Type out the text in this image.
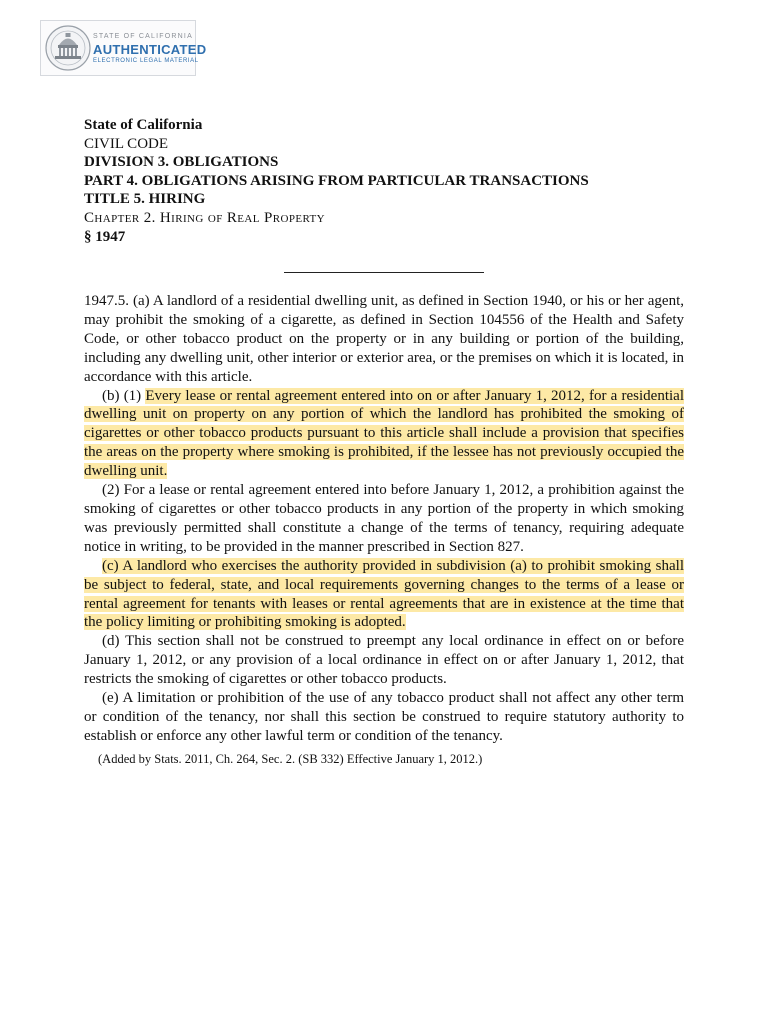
STATE OF CALIFORNIA
AUTHENTICATED
ELECTRONIC LEGAL MATERIAL
State of California
CIVIL CODE
DIVISION 3. OBLIGATIONS
PART 4. OBLIGATIONS ARISING FROM PARTICULAR TRANSACTIONS
TITLE 5. HIRING
Chapter 2. Hiring of Real Property
§ 1947

1947.5. (a) A landlord of a residential dwelling unit, as defined in Section 1940, or his or her agent, may prohibit the smoking of a cigarette, as defined in Section 104556 of the Health and Safety Code, or other tobacco product on the property or in any building or portion of the building, including any dwelling unit, other interior or exterior area, or the premises on which it is located, in accordance with this article.

(b) (1) Every lease or rental agreement entered into on or after January 1, 2012, for a residential dwelling unit on property on any portion of which the landlord has prohibited the smoking of cigarettes or other tobacco products pursuant to this article shall include a provision that specifies the areas on the property where smoking is prohibited, if the lessee has not previously occupied the dwelling unit.

(2) For a lease or rental agreement entered into before January 1, 2012, a prohibition against the smoking of cigarettes or other tobacco products in any portion of the property in which smoking was previously permitted shall constitute a change of the terms of tenancy, requiring adequate notice in writing, to be provided in the manner prescribed in Section 827.

(c) A landlord who exercises the authority provided in subdivision (a) to prohibit smoking shall be subject to federal, state, and local requirements governing changes to the terms of a lease or rental agreement for tenants with leases or rental agreements that are in existence at the time that the policy limiting or prohibiting smoking is adopted.

(d) This section shall not be construed to preempt any local ordinance in effect on or before January 1, 2012, or any provision of a local ordinance in effect on or after January 1, 2012, that restricts the smoking of cigarettes or other tobacco products.

(e) A limitation or prohibition of the use of any tobacco product shall not affect any other term or condition of the tenancy, nor shall this section be construed to require statutory authority to establish or enforce any other lawful term or condition of the tenancy.

(Added by Stats. 2011, Ch. 264, Sec. 2. (SB 332) Effective January 1, 2012.)
